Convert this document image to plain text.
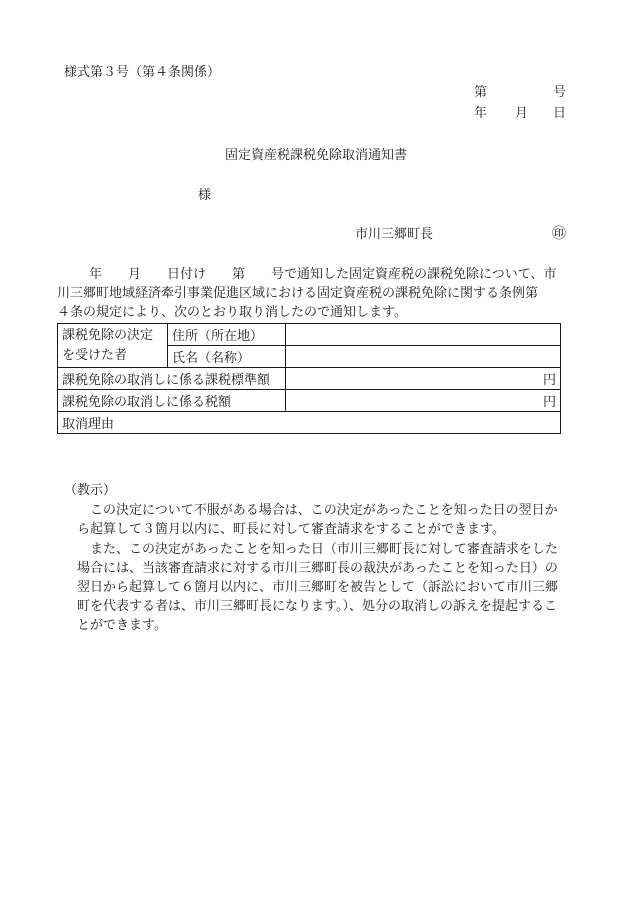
様式第３号（第４条関係）
第	号
年 月 日
固定資産税課税免除取消通知書
様
市川三郷町長	㊞
年　　月　　日付け　　第　　号で通知した固定資産税の課税免除について、市
川三郷町地域経済牽引事業促進区域における固定資産税の課税免除に関する条例第
４条の規定により、次のとおり取り消したので通知します。
課税免除の決定
を受けた者	住所（所在地）	
	氏名（名称）	
課税免除の取消しに係る課税標準額		円
課税免除の取消しに係る税額		円
取消理由		
（教示）
この決定について不服がある場合は、この決定があったことを知った日の翌日か
ら起算して３箇月以内に、町長に対して審査請求をすることができます。
また、この決定があったことを知った日（市川三郷町長に対して審査請求をした
場合には、当該審査請求に対する市川三郷町長の裁決があったことを知った日）の
翌日から起算して６箇月以内に、市川三郷町を被告として（訴訟において市川三郷
町を代表する者は、市川三郷町長になります。）、処分の取消しの訴えを提起するこ
とができます。
